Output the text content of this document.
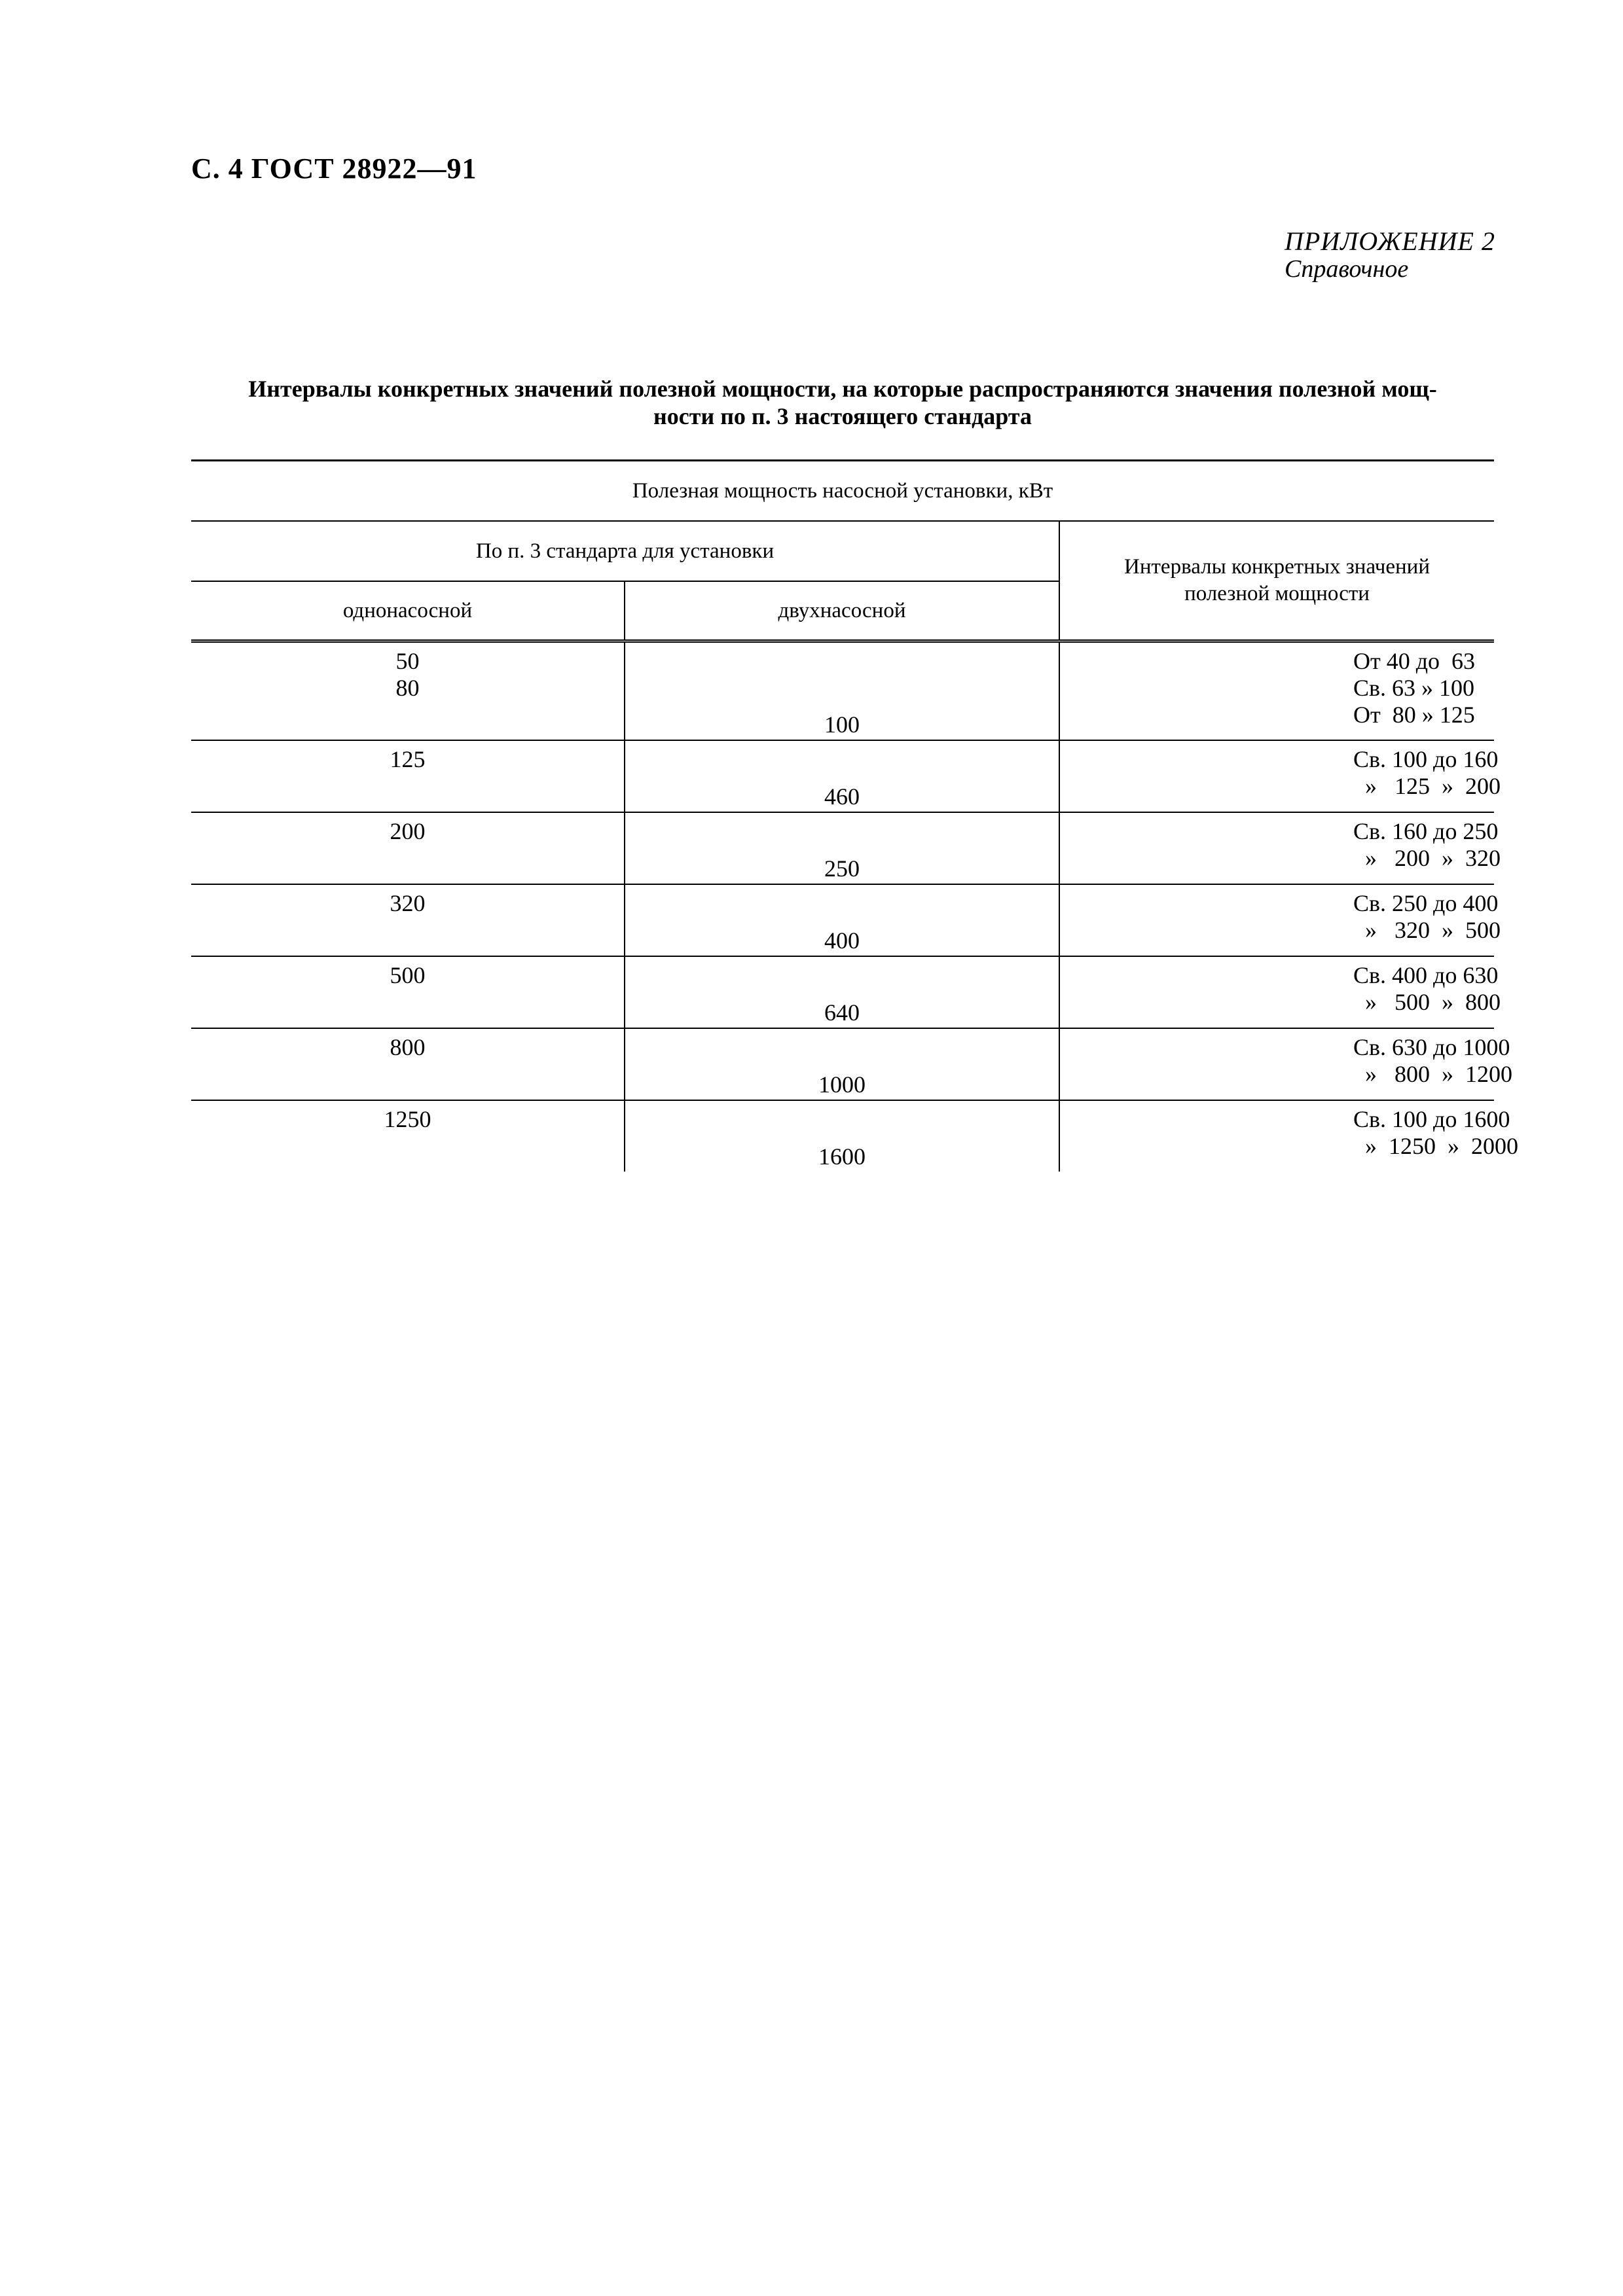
С. 4 ГОСТ 28922—91
ПРИЛОЖЕНИЕ 2
Справочное
Интервалы конкретных значений полезной мощности, на которые распространяются значения полезной мощ-
ности по п. 3 настоящего стандарта
Полезная мощность насосной установки, кВт		
По п. 3 стандарта для установки		Интервалы конкретных значений
полезной мощности

однонасосной	двухнасосной	

50
80	100	От 40 до  63
Св. 63 » 100
От  80 » 125

125	460	Св. 100 до 160
»   125  »  200

200	250	Св. 160 до 250
»   200  »  320

320	400	Св. 250 до 400
»   320  »  500

500	640	Св. 400 до 630
»   500  »  800

800	1000	Св. 630 до 1000
»   800  »  1200

1250	1600	Св. 100 до 1600
»  1250  »  2000
